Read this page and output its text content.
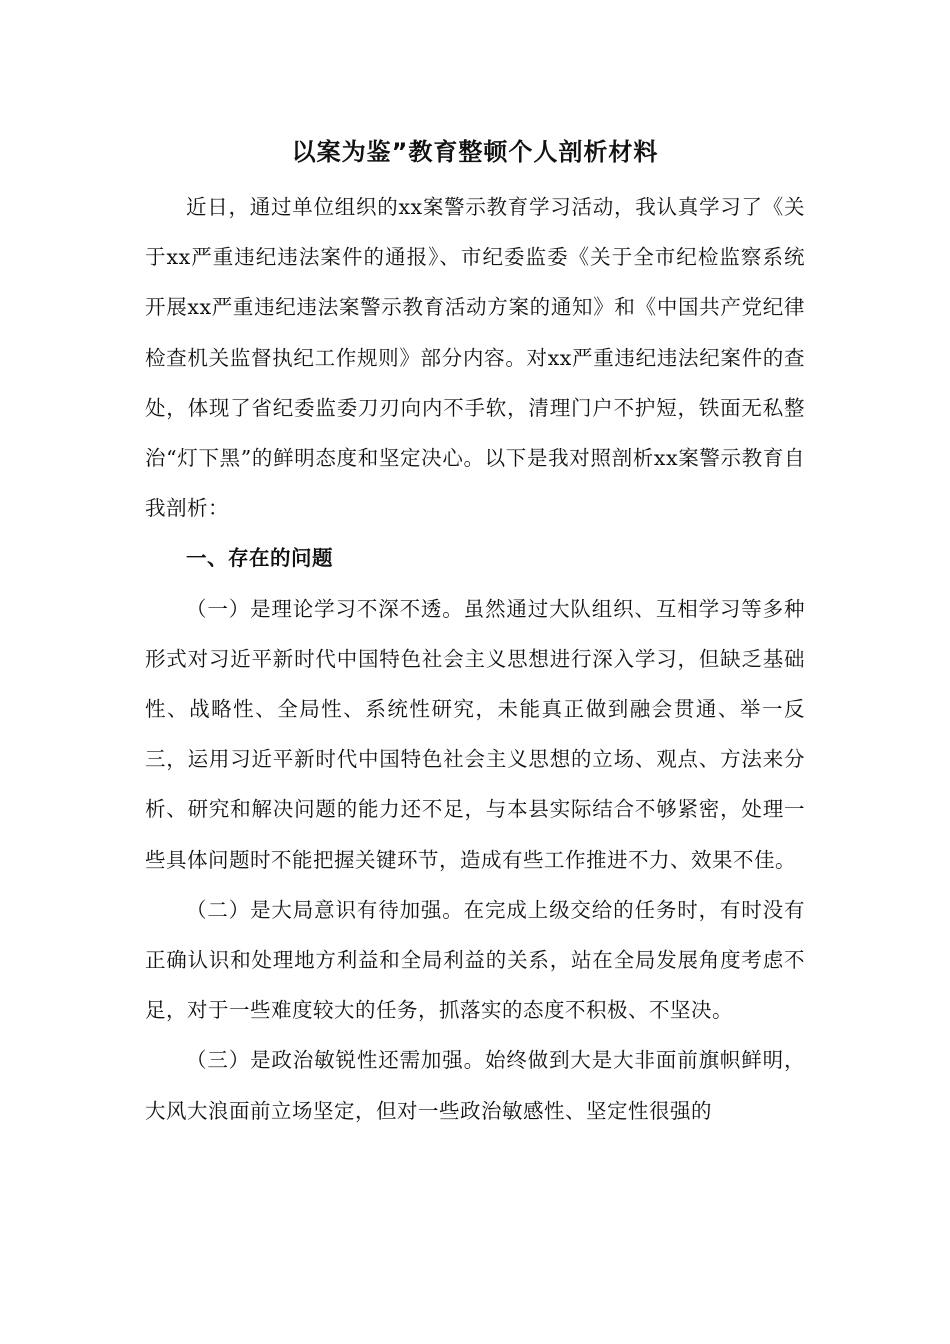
以案为鉴”教育整顿个人剖析材料

近日，通过单位组织的xx案警示教育学习活动，我认真学习了《关于xx严重违纪违法案件的通报》、市纪委监委《关于全市纪检监察系统开展xx严重违纪违法案警示教育活动方案的通知》和《中国共产党纪律检查机关监督执纪工作规则》部分内容。对xx严重违纪违法纪案件的查处，体现了省纪委监委刀刃向内不手软，清理门户不护短，铁面无私整治“灯下黑”的鲜明态度和坚定决心。以下是我对照剖析xx案警示教育自我剖析：

一、存在的问题

（一）是理论学习不深不透。虽然通过大队组织、互相学习等多种形式对习近平新时代中国特色社会主义思想进行深入学习，但缺乏基础性、战略性、全局性、系统性研究，未能真正做到融会贯通、举一反三，运用习近平新时代中国特色社会主义思想的立场、观点、方法来分析、研究和解决问题的能力还不足，与本县实际结合不够紧密，处理一些具体问题时不能把握关键环节，造成有些工作推进不力、效果不佳。

（二）是大局意识有待加强。在完成上级交给的任务时，有时没有正确认识和处理地方利益和全局利益的关系，站在全局发展角度考虑不足，对于一些难度较大的任务，抓落实的态度不积极、不坚决。

（三）是政治敏锐性还需加强。始终做到大是大非面前旗帜鲜明，大风大浪面前立场坚定，但对一些政治敏感性、坚定性很强的
